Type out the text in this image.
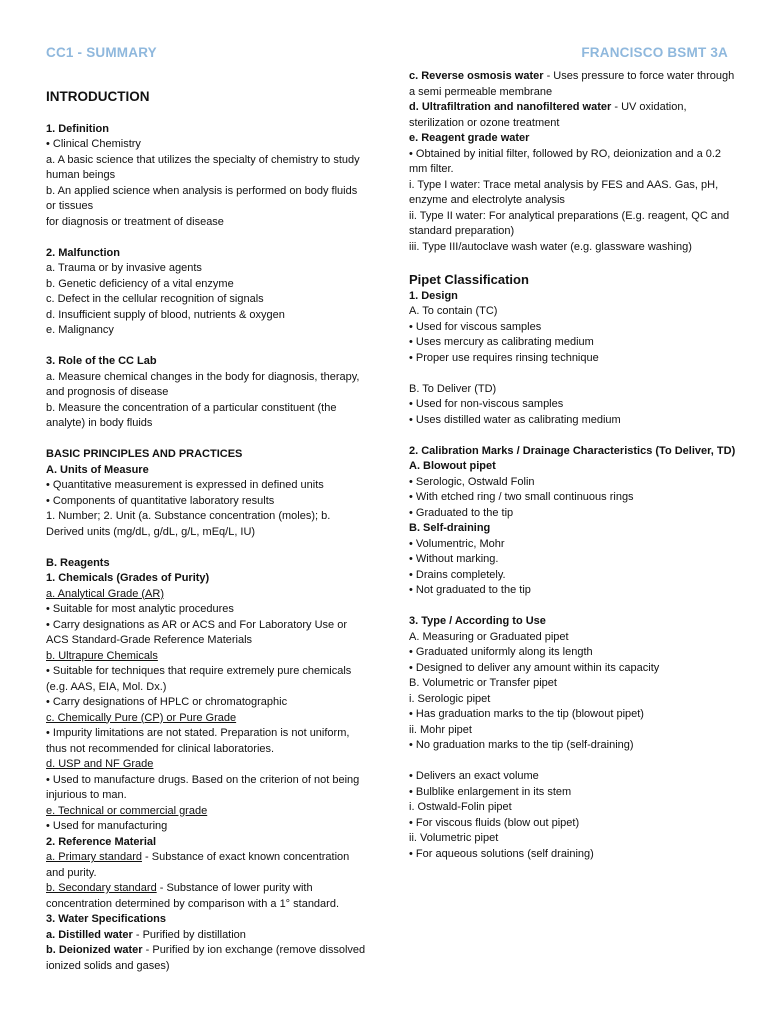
CC1 - SUMMARY	FRANCISCO BSMT 3A
INTRODUCTION
1. Definition
• Clinical Chemistry
a. A basic science that utilizes the specialty of chemistry to study human beings
b. An applied science when analysis is performed on body fluids or tissues
for diagnosis or treatment of disease
2. Malfunction
a. Trauma or by invasive agents
b. Genetic deficiency of a vital enzyme
c. Defect in the cellular recognition of signals
d. Insufficient supply of blood, nutrients & oxygen
e. Malignancy
3. Role of the CC Lab
a. Measure chemical changes in the body for diagnosis, therapy, and prognosis of disease
b. Measure the concentration of a particular constituent (the analyte) in body fluids
BASIC PRINCIPLES AND PRACTICES
A. Units of Measure
• Quantitative measurement is expressed in defined units
• Components of quantitative laboratory results
1. Number; 2. Unit (a. Substance concentration (moles); b. Derived units (mg/dL, g/dL, g/L, mEq/L, IU)
B. Reagents
1. Chemicals (Grades of Purity)
a. Analytical Grade (AR)
• Suitable for most analytic procedures
• Carry designations as AR or ACS and For Laboratory Use or ACS Standard-Grade Reference Materials
b. Ultrapure Chemicals
• Suitable for techniques that require extremely pure chemicals (e.g. AAS, EIA, Mol. Dx.)
• Carry designations of HPLC or chromatographic
c. Chemically Pure (CP) or Pure Grade
• Impurity limitations are not stated. Preparation is not uniform, thus not recommended for clinical laboratories.
d. USP and NF Grade
• Used to manufacture drugs. Based on the criterion of not being injurious to man.
e. Technical or commercial grade
• Used for manufacturing
2. Reference Material
a. Primary standard - Substance of exact known concentration and purity.
b. Secondary standard - Substance of lower purity with concentration determined by comparison with a 1° standard.
3. Water Specifications
a. Distilled water - Purified by distillation
b. Deionized water - Purified by ion exchange (remove dissolved ionized solids and gases)
c. Reverse osmosis water - Uses pressure to force water through a semi permeable membrane
d. Ultrafiltration and nanofiltered water - UV oxidation, sterilization or ozone treatment
e. Reagent grade water
• Obtained by initial filter, followed by RO, deionization and a 0.2 mm filter.
i. Type I water: Trace metal analysis by FES and AAS. Gas, pH, enzyme and electrolyte analysis
ii. Type II water: For analytical preparations (E.g. reagent, QC and standard preparation)
iii. Type III/autoclave wash water (e.g. glassware washing)
Pipet Classification
1. Design
A. To contain (TC)
• Used for viscous samples
• Uses mercury as calibrating medium
• Proper use requires rinsing technique
B. To Deliver (TD)
• Used for non-viscous samples
• Uses distilled water as calibrating medium
2. Calibration Marks / Drainage Characteristics (To Deliver, TD)
A. Blowout pipet
• Serologic, Ostwald Folin
• With etched ring / two small continuous rings
• Graduated to the tip
B. Self-draining
• Volumentric, Mohr
• Without marking.
• Drains completely.
• Not graduated to the tip
3. Type / According to Use
A. Measuring or Graduated pipet
• Graduated uniformly along its length
• Designed to deliver any amount within its capacity
B. Volumetric or Transfer pipet
i. Serologic pipet
• Has graduation marks to the tip (blowout pipet)
ii. Mohr pipet
• No graduation marks to the tip (self-draining)
• Delivers an exact volume
• Bulblike enlargement in its stem
i. Ostwald-Folin pipet
• For viscous fluids (blow out pipet)
ii. Volumetric pipet
• For aqueous solutions (self draining)
